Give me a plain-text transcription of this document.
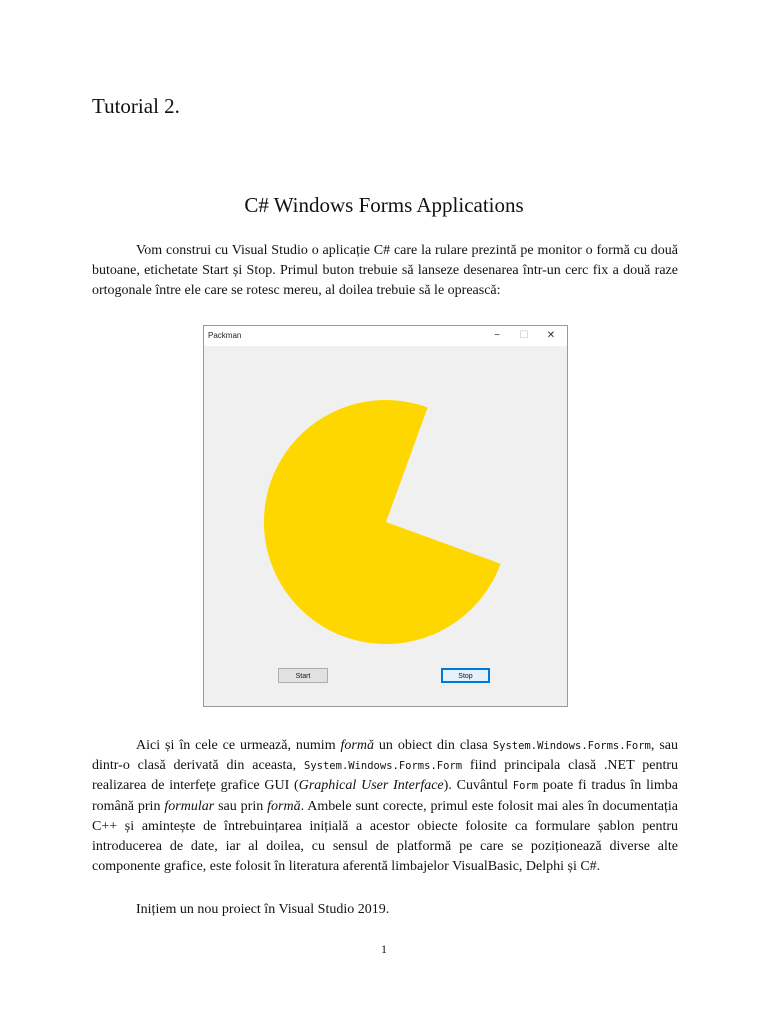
Tutorial 2.
C# Windows Forms Applications

Vom construi cu Visual Studio o aplicație C# care la rulare prezintă pe monitor o formă cu două butoane, etichetate Start și Stop. Primul buton trebuie să lanseze desenarea într-un cerc fix a două raze ortogonale între ele care se rotesc mereu, al doilea trebuie să le oprească:

Packman	−	☐	✕
Start	Stop

Aici și în cele ce urmează, numim formă un obiect din clasa System.Windows.Forms.Form, sau dintr-o clasă derivată din aceasta, System.Windows.Forms.Form fiind principala clasă .NET pentru realizarea de interfețe grafice GUI (Graphical User Interface). Cuvântul Form poate fi tradus în limba română prin formular sau prin formă. Ambele sunt corecte, primul este folosit mai ales în documentația C++ și amintește de întrebuințarea inițială a acestor obiecte folosite ca formulare șablon pentru introducerea de date, iar al doilea, cu sensul de platformă pe care se poziționează diverse alte componente grafice, este folosit în literatura aferentă limbajelor VisualBasic, Delphi și C#.

Inițiem un nou proiect în Visual Studio 2019.

1
